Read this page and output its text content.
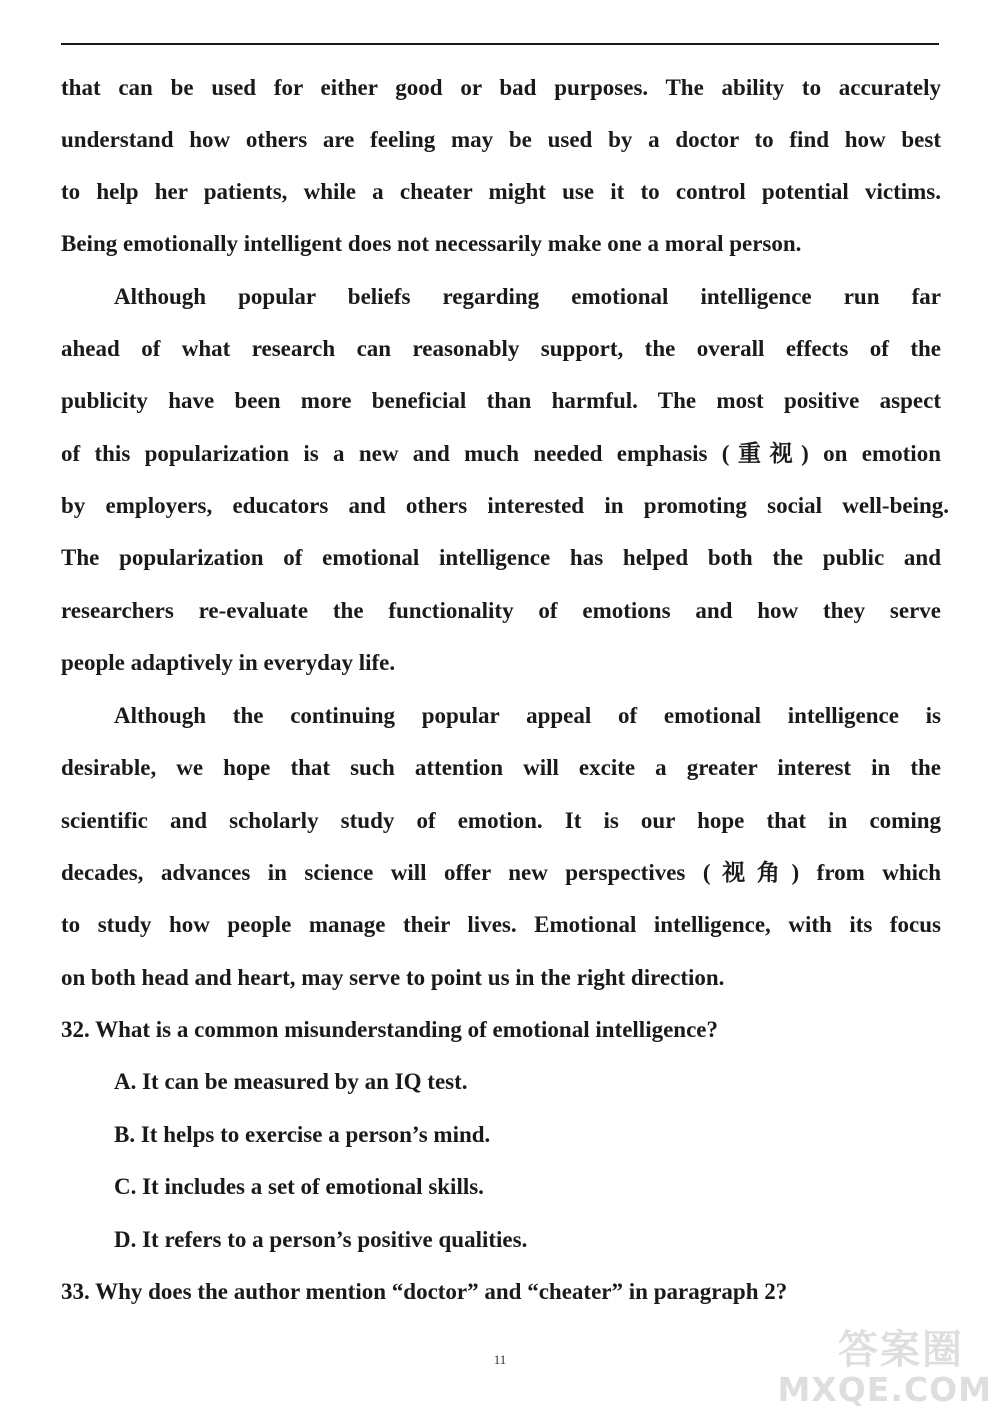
that can be used for either good or bad purposes. The ability to accurately
understand how others are feeling may be used by a doctor to find how best
to help her patients, while a cheater might use it to control potential victims.
Being emotionally intelligent does not necessarily make one a moral person.
Although popular beliefs regarding emotional intelligence run far
ahead of what research can reasonably support, the overall effects of the
publicity have been more beneficial than harmful. The most positive aspect
of this popularization is a new and much needed emphasis (重视) on emotion
by employers, educators and others interested in promoting social well-being.
The popularization of emotional intelligence has helped both the public and
researchers re-evaluate the functionality of emotions and how they serve
people adaptively in everyday life.
Although the continuing popular appeal of emotional intelligence is
desirable, we hope that such attention will excite a greater interest in the
scientific and scholarly study of emotion. It is our hope that in coming
decades, advances in science will offer new perspectives (视角) from which
to study how people manage their lives. Emotional intelligence, with its focus
on both head and heart, may serve to point us in the right direction.
32. What is a common misunderstanding of emotional intelligence?
A. It can be measured by an IQ test.
B. It helps to exercise a person’s mind.
C. It includes a set of emotional skills.
D. It refers to a person’s positive qualities.
33. Why does the author mention “doctor” and “cheater” in paragraph 2?
11	答案圈
MXQE.COM
